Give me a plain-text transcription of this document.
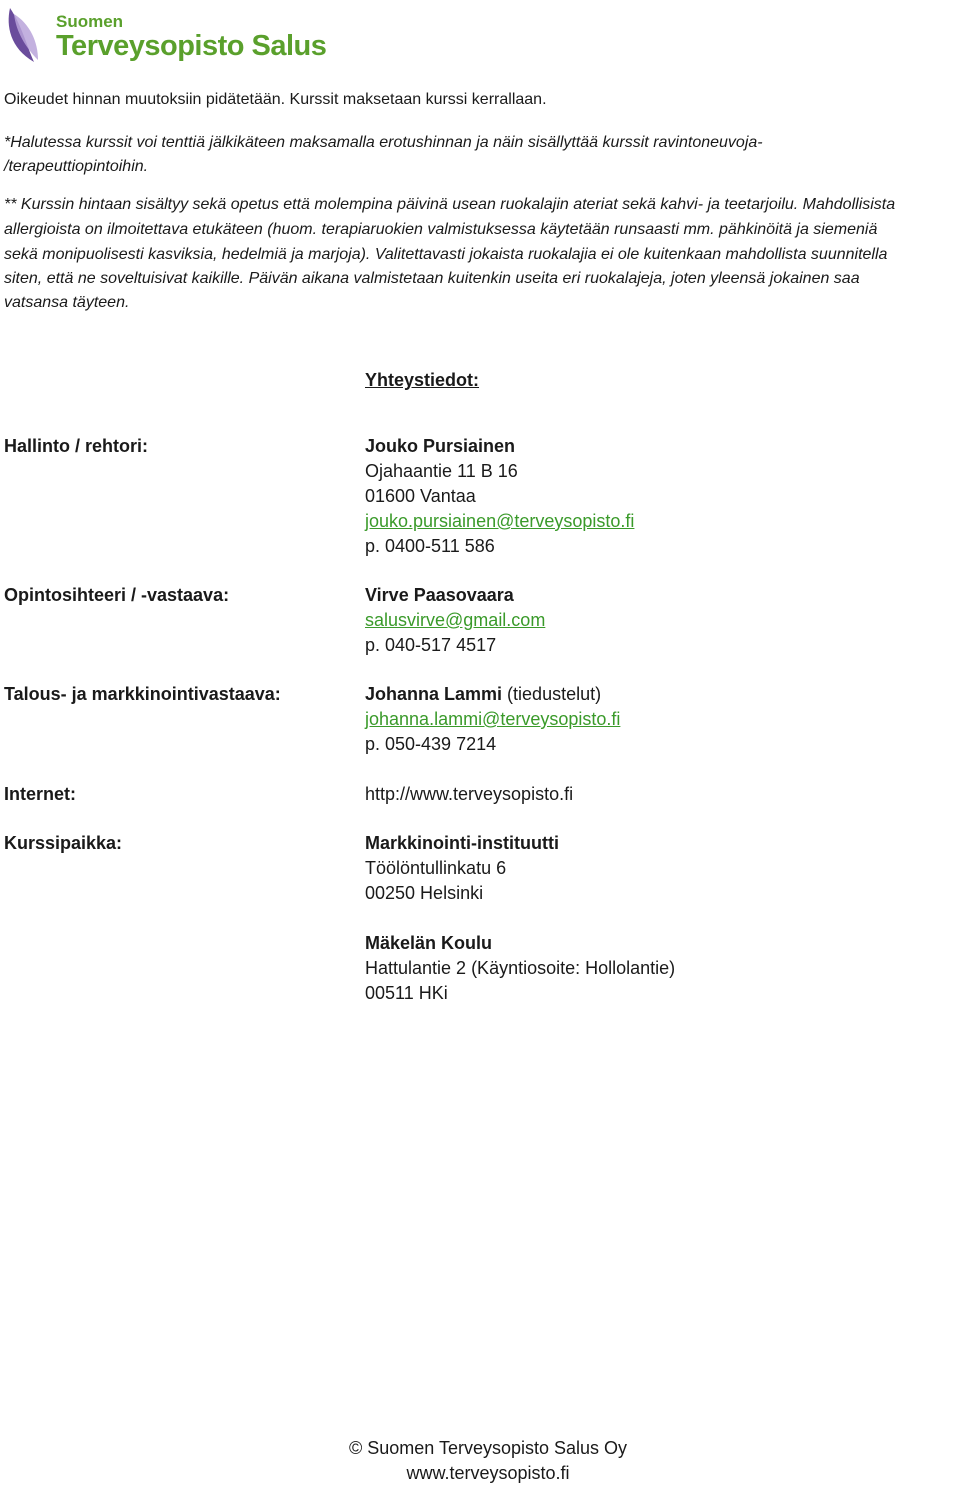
Suomen
Terveysopisto Salus
Oikeudet hinnan muutoksiin pidätetään. Kurssit maksetaan kurssi kerrallaan.
*Halutessa kurssit voi tenttiä jälkikäteen maksamalla erotushinnan ja näin sisällyttää kurssit ravintoneuvoja-
/terapeuttiopintoihin.
** Kurssin hintaan sisältyy sekä opetus että molempina päivinä usean ruokalajin ateriat sekä kahvi- ja teetarjoilu. Mahdollisista
allergioista on ilmoitettava etukäteen (huom. terapiaruokien valmistuksessa käytetään runsaasti mm. pähkinöitä ja siemeniä
sekä monipuolisesti kasviksia, hedelmiä ja marjoja). Valitettavasti jokaista ruokalajia ei ole kuitenkaan mahdollista suunnitella
siten, että ne soveltuisivat kaikille. Päivän aikana valmistetaan kuitenkin useita eri ruokalajeja, joten yleensä jokainen saa
vatsansa täyteen.
Yhteystiedot:
Hallinto / rehtori:	Jouko Pursiainen
Ojahaantie 11 B 16
01600 Vantaa
jouko.pursiainen@terveysopisto.fi
p. 0400-511 586
Opintosihteeri / -vastaava:	Virve Paasovaara
salusvirve@gmail.com
p. 040-517 4517
Talous- ja markkinointivastaava:	Johanna Lammi (tiedustelut)
johanna.lammi@terveysopisto.fi
p. 050-439 7214
Internet:	http://www.terveysopisto.fi
Kurssipaikka:	Markkinointi-instituutti
Töölöntullinkatu 6
00250 Helsinki
Mäkelän Koulu
Hattulantie 2 (Käyntiosoite: Hollolantie)
00511 HKi
© Suomen Terveysopisto Salus Oy
www.terveysopisto.fi
